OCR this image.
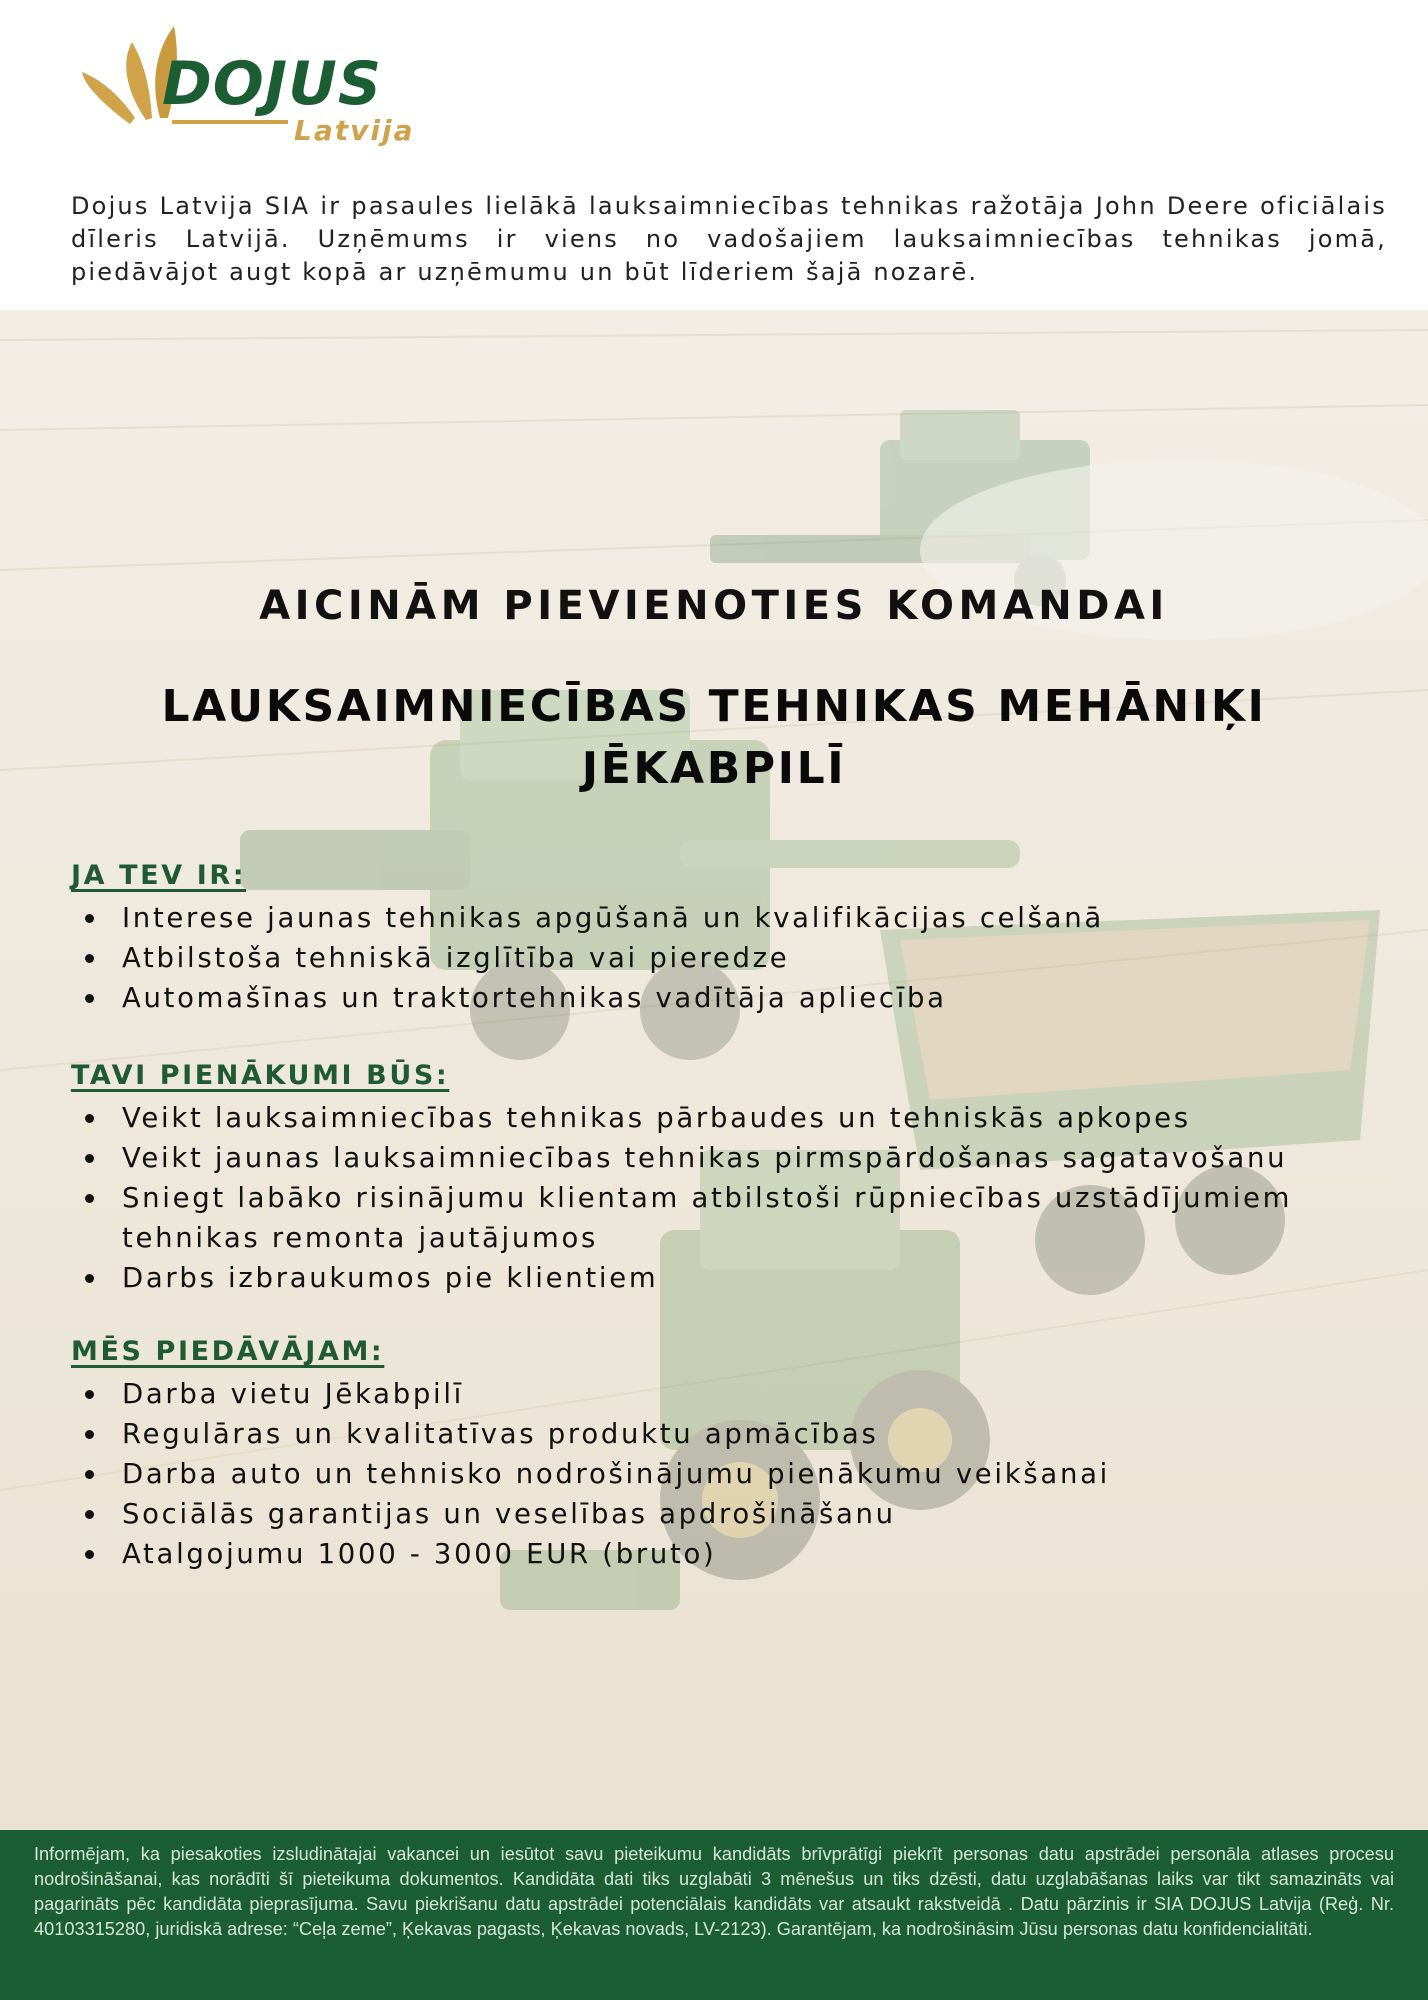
DOJUS
Latvija

Dojus Latvija SIA ir pasaules lielākā lauksaimniecības tehnikas ražotāja John Deere oficiālais dīleris Latvijā. Uzņēmums ir viens no vadošajiem lauksaimniecības tehnikas jomā, piedāvājot augt kopā ar uzņēmumu un būt līderiem šajā nozarē.

AICINĀM PIEVIENOTIES KOMANDAI
LAUKSAIMNIECĪBAS TEHNIKAS MEHĀNIĶI JĒKABPILĪ
JA TEV IR:
Interese jaunas tehnikas apgūšanā un kvalifikācijas celšanā
Atbilstoša tehniskā izglītība vai pieredze
Automašīnas un traktortehnikas vadītāja apliecība
TAVI PIENĀKUMI BŪS:
Veikt lauksaimniecības tehnikas pārbaudes un tehniskās apkopes
Veikt jaunas lauksaimniecības tehnikas pirmspārdošanas sagatavošanu
Sniegt labāko risinājumu klientam atbilstoši rūpniecības uzstādījumiem tehnikas remonta jautājumos
Darbs izbraukumos pie klientiem
MĒS PIEDĀVĀJAM:
Darba vietu Jēkabpilī
Regulāras un kvalitatīvas produktu apmācības
Darba auto un tehnisko nodrošinājumu pienākumu veikšanai
Sociālās garantijas un veselības apdrošināšanu
Atalgojumu 1000 - 3000 EUR (bruto)

Informējam, ka piesakoties izsludinātajai vakancei un iesūtot savu pieteikumu kandidāts brīvprātīgi piekrīt personas datu apstrādei personāla atlases procesu nodrošināšanai, kas norādīti šī pieteikuma dokumentos. Kandidāta dati tiks uzglabāti 3 mēnešus un tiks dzēsti, datu uzglabāšanas laiks var tikt samazināts vai pagarināts pēc kandidāta pieprasījuma. Savu piekrišanu datu apstrādei potenciālais kandidāts var atsaukt rakstveidā . Datu pārzinis ir SIA DOJUS Latvija (Reģ. Nr. 40103315280, juridiskā adrese: “Ceļa zeme”, Ķekavas pagasts, Ķekavas novads, LV-2123). Garantējam, ka nodrošināsim Jūsu personas datu konfidencialitāti.
